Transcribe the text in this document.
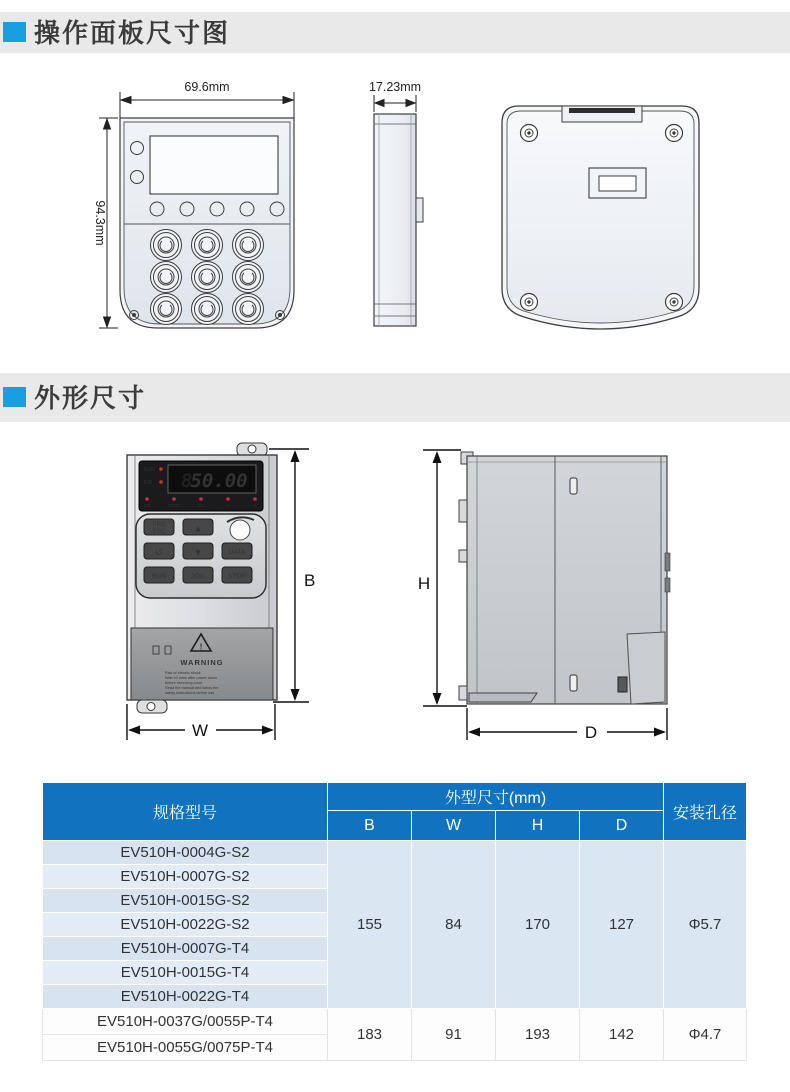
操作面板尺寸图
69.6mm
94.3mm
17.23mm
外形尺寸
RUN
F/R 8
50.00
L/R	TUNE	Hz	A	V
PRG
ESC	▲
↺	▼	DATA
RUN	JOG	STOP
!
WARNING
Risk of electric shock
Wait 10 mins after power down
before removing cover
Read the manual and follow the
safety instructions before use
B
W
H
D
规格型号	外型尺寸(mm)				安装孔径
	B	W	H	D	
EV510H-0004G-S2	155	84	170	127	Φ5.7
EV510H-0007G-S2					
EV510H-0015G-S2					
EV510H-0022G-S2					
EV510H-0007G-T4					
EV510H-0015G-T4					
EV510H-0022G-T4					
EV510H-0037G/0055P-T4	183	91	193	142	Φ4.7
EV510H-0055G/0075P-T4					
